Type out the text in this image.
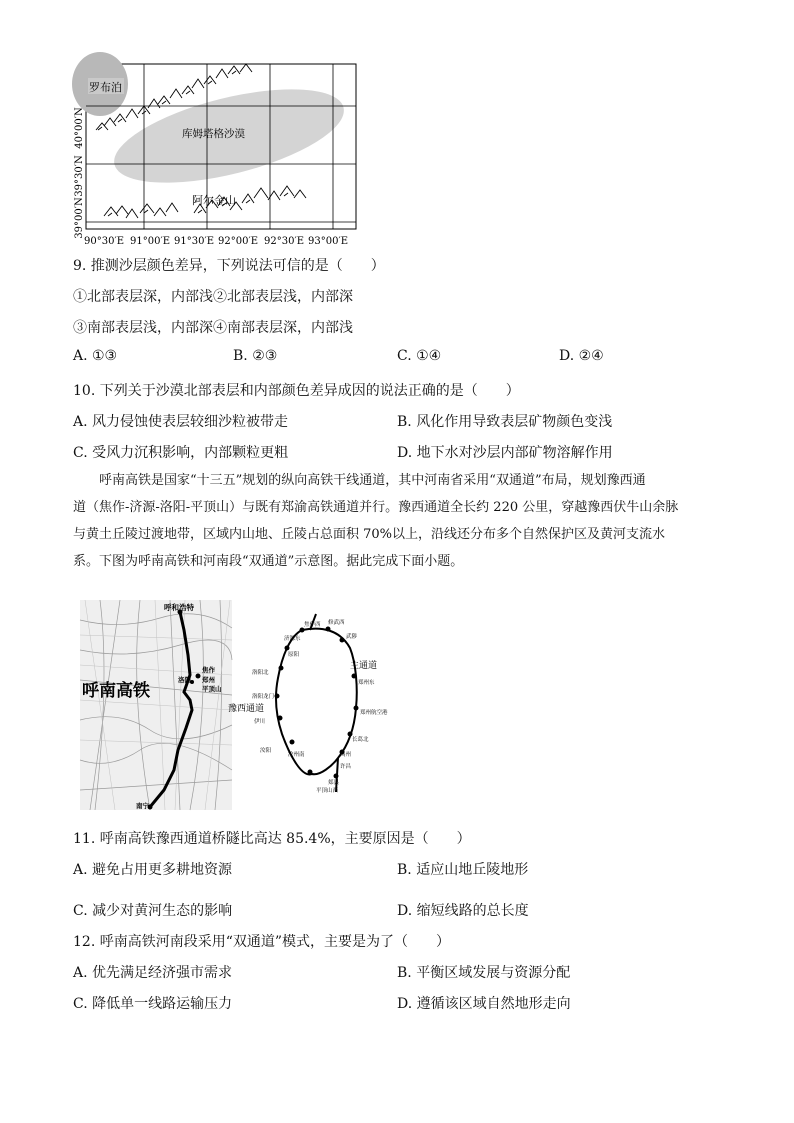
40°00′N
39°30′N
39°00′N
罗布泊
库姆塔格沙漠
阿尔金山
90°30′E 91°00′E 91°30′E 92°00′E 92°30′E 93°00′E
9. 推测沙层颜色差异，下列说法可信的是（　　）
①北部表层深，内部浅②北部表层浅，内部深
③南部表层浅，内部深④南部表层深，内部浅
A. ①③	B. ②③	C. ①④	D. ②④
10. 下列关于沙漠北部表层和内部颜色差异成因的说法正确的是（　　）
A. 风力侵蚀使表层较细沙粒被带走	B. 风化作用导致表层矿物颜色变浅
C. 受风力沉积影响，内部颗粒更粗	D. 地下水对沙层内部矿物溶解作用
呼南高铁是国家“十三五”规划的纵向高铁干线通道，其中河南省采用“双通道”布局，规划豫西通
道（焦作-济源-洛阳-平顶山）与既有郑渝高铁通道并行。豫西通道全长约 220 公里，穿越豫西伏牛山余脉
与黄土丘陵过渡地带，区域内山地、丘陵占总面积 70%以上，沿线还分布多个自然保护区及黄河支流水
系。下图为呼南高铁和河南段“双通道”示意图。据此完成下面小题。
呼和浩特
呼南高铁
焦作
洛阳 郑州
平顶山
南宁
主通道
豫西通道
焦作西 修武西
武陟
济源东
原阳
洛阳北
郑州东
洛阳龙门
郑州航空港
伊川
长葛北
汝阳
许昌
汝州南	禹州
郏县
平顶山西
11. 呼南高铁豫西通道桥隧比高达 85.4%，主要原因是（　　）
A. 避免占用更多耕地资源	B. 适应山地丘陵地形
C. 减少对黄河生态的影响	D. 缩短线路的总长度
12. 呼南高铁河南段采用“双通道”模式，主要是为了（　　）
A. 优先满足经济强市需求	B. 平衡区域发展与资源分配
C. 降低单一线路运输压力	D. 遵循该区域自然地形走向
